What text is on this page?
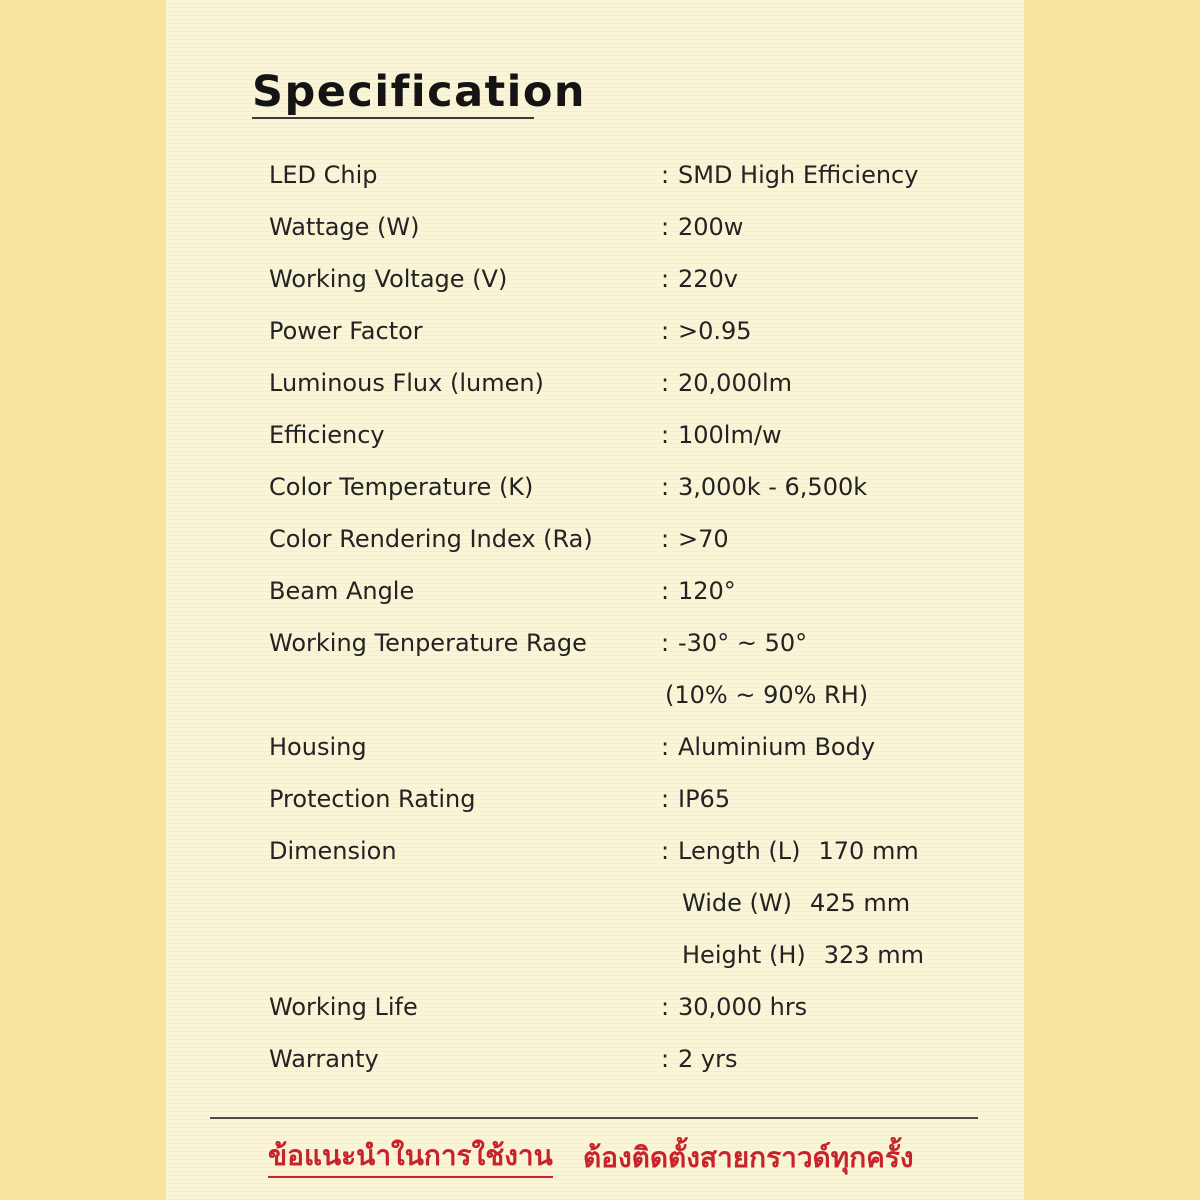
Specification
LED Chip	: SMD High Efficiency
Wattage (W)	: 200w
Working Voltage (V)	: 220v
Power Factor	: >0.95
Luminous Flux (lumen)	: 20,000lm
Efficiency	: 100lm/w
Color Temperature (K)	: 3,000k - 6,500k
Color Rendering Index (Ra)	: >70
Beam Angle	: 120°
Working Tenperature Rage	: -30° ~ 50°
(10% ~ 90% RH)
Housing	: Aluminium Body
Protection Rating	: IP65
Dimension	: Length (L) 170 mm
Wide (W) 425 mm
Height (H) 323 mm
Working Life	: 30,000 hrs
Warranty	: 2 yrs
ข้อแนะนำในการใช้งาน ต้องติดตั้งสายกราวด์ทุกครั้ง
